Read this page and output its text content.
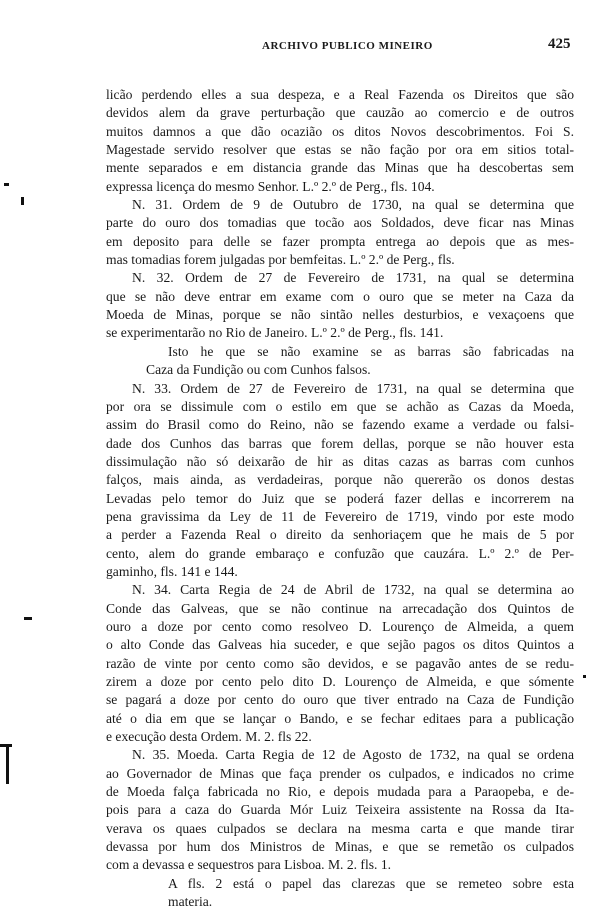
ARCHIVO PUBLICO MINEIRO	425
licão perdendo elles a sua despeza, e a Real Fazenda os Direitos que são
devidos alem da grave perturbação que cauzão ao comercio e de outros
muitos damnos a que dão ocazião os ditos Novos descobrimentos. Foi S.
Magestade servido resolver que estas se não fação por ora em sitios total-
mente separados e em distancia grande das Minas que ha descobertas sem
expressa licença do mesmo Senhor. L.º 2.º de Perg., fls. 104.
N. 31. Ordem de 9 de Outubro de 1730, na qual se determina que
parte do ouro dos tomadias que tocão aos Soldados, deve ficar nas Minas
em deposito para delle se fazer prompta entrega ao depois que as mes-
mas tomadias forem julgadas por bemfeitas. L.º 2.º de Perg., fls.
N. 32. Ordem de 27 de Fevereiro de 1731, na qual se determina
que se não deve entrar em exame com o ouro que se meter na Caza da
Moeda de Minas, porque se não sintão nelles desturbios, e vexaçoens que
se experimentarão no Rio de Janeiro. L.º 2.º de Perg., fls. 141.
Isto he que se não examine se as barras são fabricadas na
Caza da Fundição ou com Cunhos falsos.
N. 33. Ordem de 27 de Fevereiro de 1731, na qual se determina que
por ora se dissimule com o estilo em que se achão as Cazas da Moeda,
assim do Brasil como do Reino, não se fazendo exame a verdade ou falsi-
dade dos Cunhos das barras que forem dellas, porque se não houver esta
dissimulação não só deixarão de hir as ditas cazas as barras com cunhos
falços, mais ainda, as verdadeiras, porque não quererão os donos destas
Levadas pelo temor do Juiz que se poderá fazer dellas e incorrerem na
pena gravissima da Ley de 11 de Fevereiro de 1719, vindo por este modo
a perder a Fazenda Real o direito da senhoriaçem que he mais de 5 por
cento, alem do grande embaraço e confuzão que cauzára. L.º 2.º de Per-
gaminho, fls. 141 e 144.
N. 34. Carta Regia de 24 de Abril de 1732, na qual se determina ao
Conde das Galveas, que se não continue na arrecadação dos Quintos de
ouro a doze por cento como resolveo D. Lourenço de Almeida, a quem
o alto Conde das Galveas hia suceder, e que sejão pagos os ditos Quintos a
razão de vinte por cento como são devidos, e se pagavão antes de se redu-
zirem a doze por cento pelo dito D. Lourenço de Almeida, e que sómente
se pagará a doze por cento do ouro que tiver entrado na Caza de Fundição
até o dia em que se lançar o Bando, e se fechar editaes para a publicação
e execução desta Ordem. M. 2. fls 22.
N. 35. Moeda. Carta Regia de 12 de Agosto de 1732, na qual se ordena
ao Governador de Minas que faça prender os culpados, e indicados no crime
de Moeda falça fabricada no Rio, e depois mudada para a Paraopeba, e de-
pois para a caza do Guarda Mór Luiz Teixeira assistente na Rossa da Ita-
verava os quaes culpados se declara na mesma carta e que mande tirar
devassa por hum dos Ministros de Minas, e que se remetão os culpados
com a devassa e sequestros para Lisboa. M. 2. fls. 1.
A fls. 2 está o papel das clarezas que se remeteo sobre esta
materia.
